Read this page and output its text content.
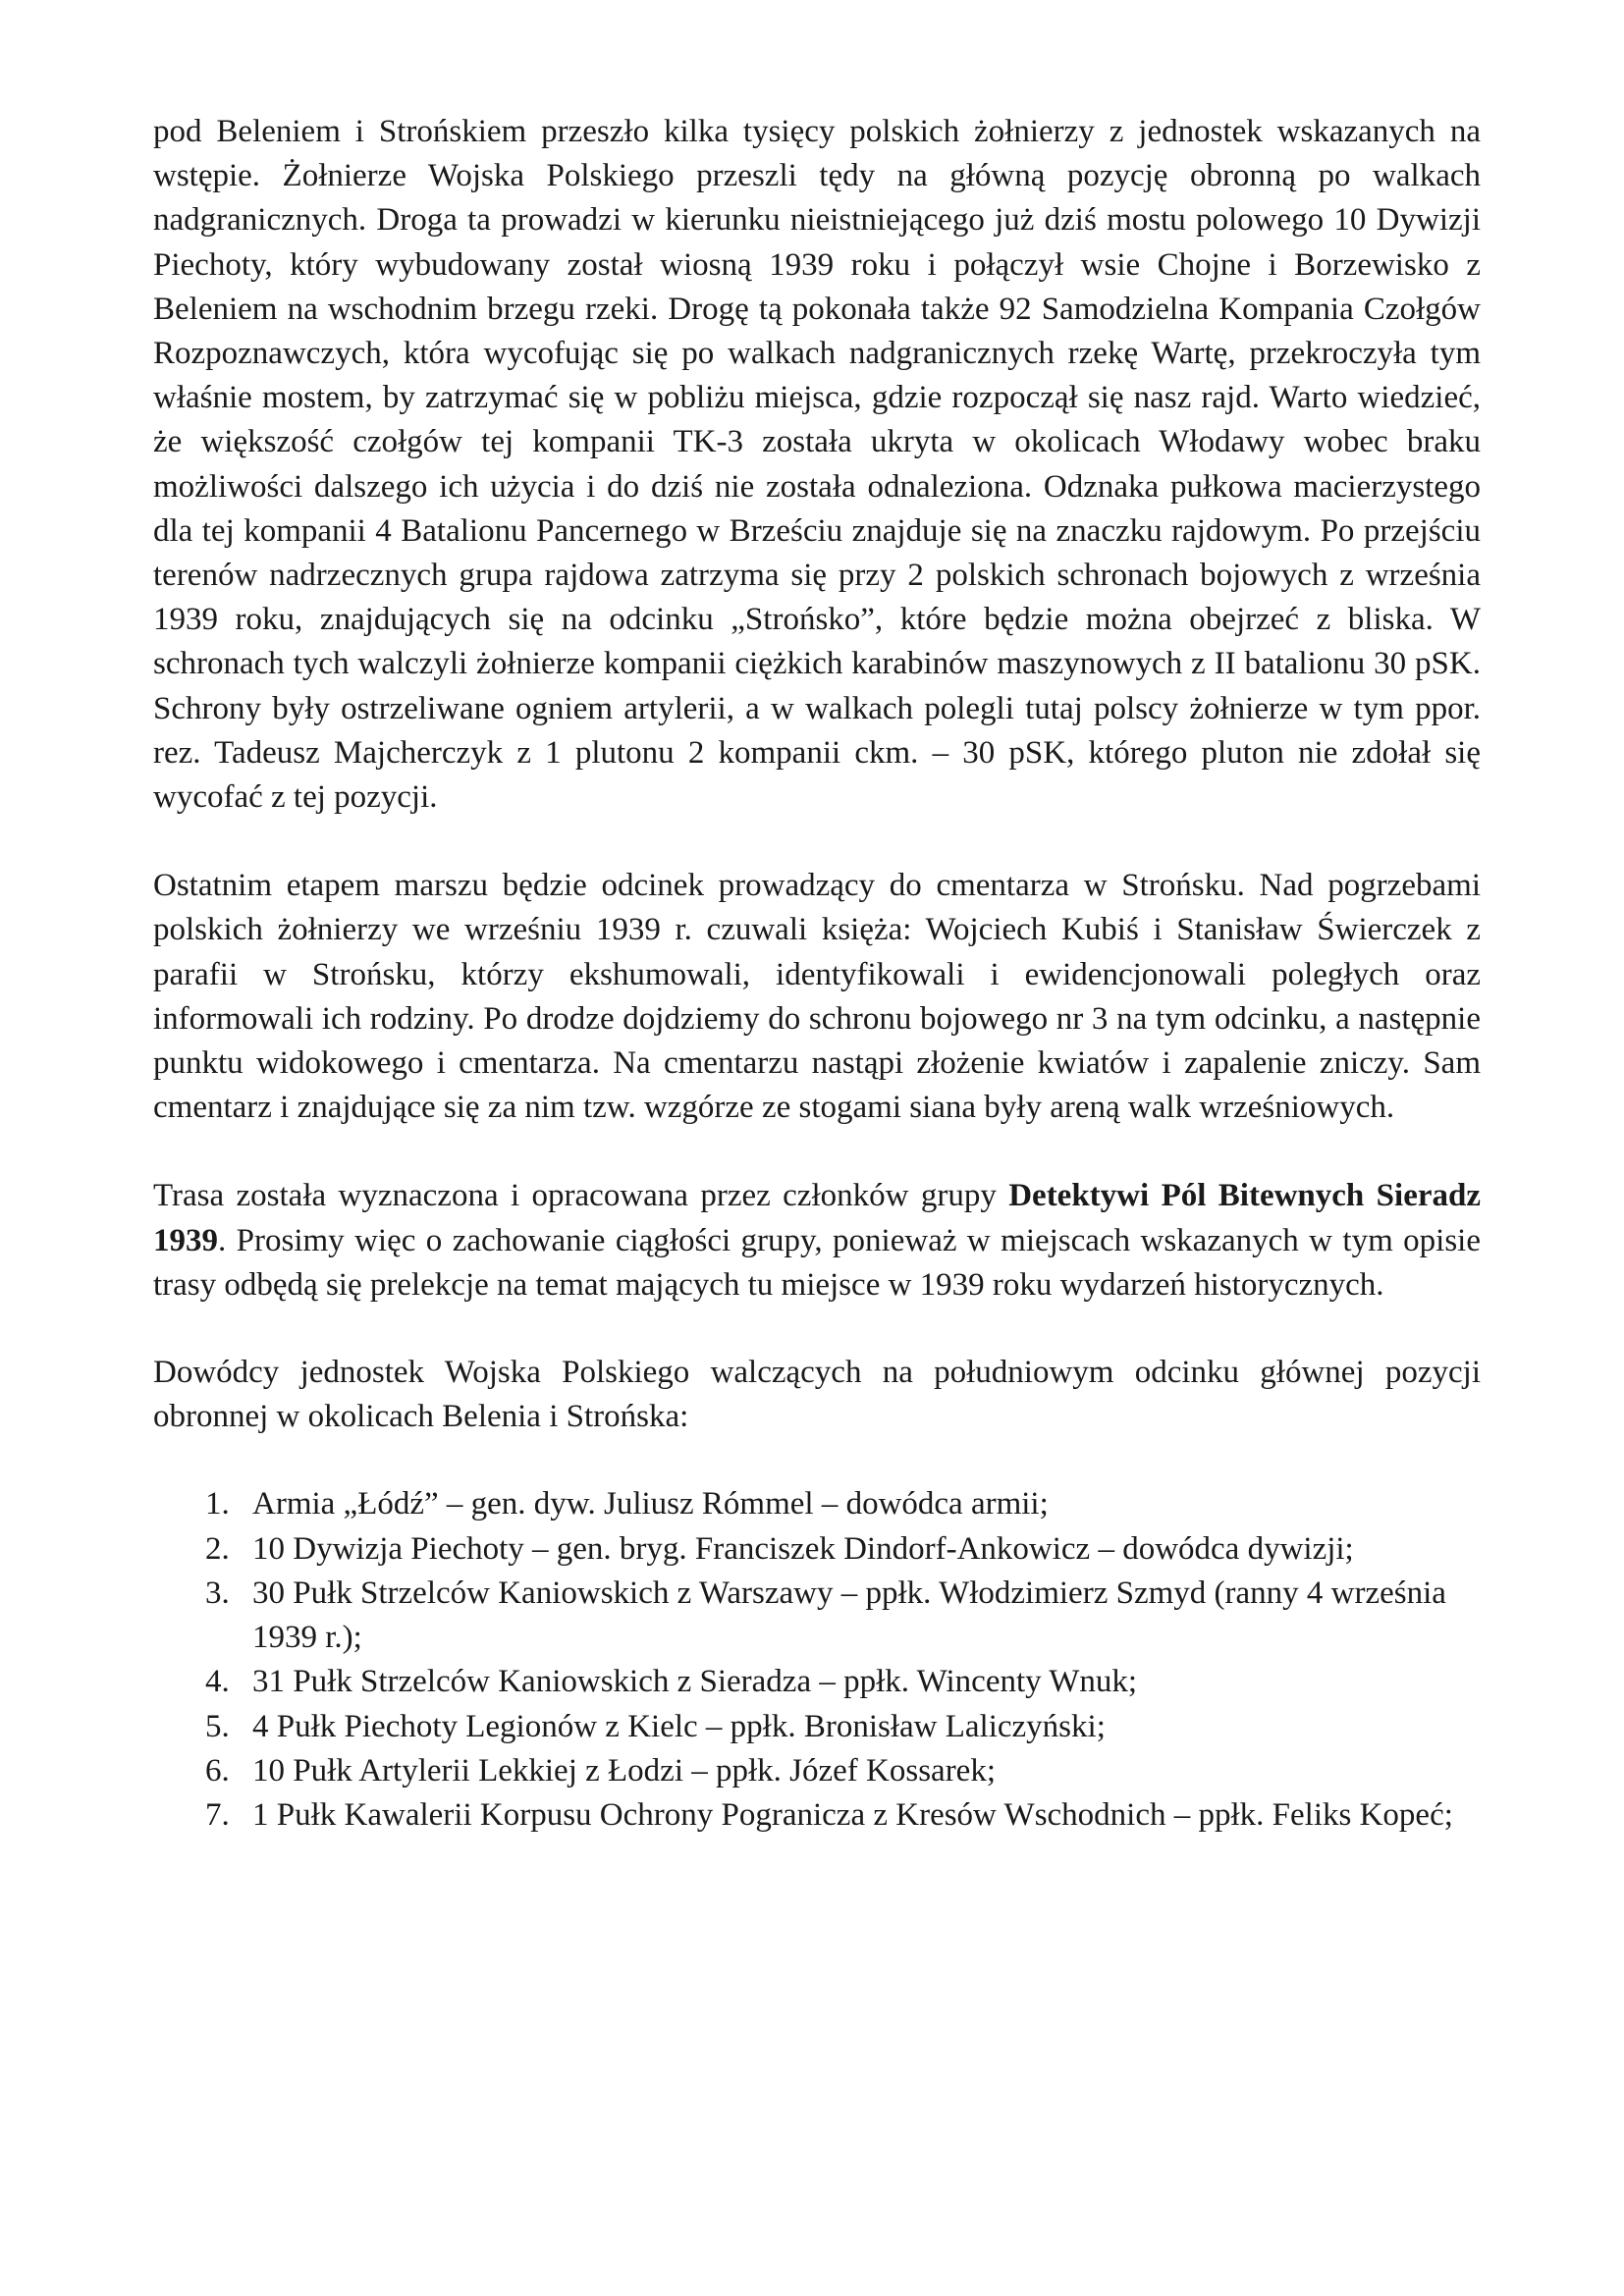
pod Beleniem i Strońskiem przeszło kilka tysięcy polskich żołnierzy z jednostek wskazanych na wstępie. Żołnierze Wojska Polskiego przeszli tędy na główną pozycję obronną po walkach nadgranicznych. Droga ta prowadzi w kierunku nieistniejącego już dziś mostu polowego 10 Dywizji Piechoty, który wybudowany został wiosną 1939 roku i połączył wsie Chojne i Borzewisko z Beleniem na wschodnim brzegu rzeki. Drogę tą pokonała także 92 Samodzielna Kompania Czołgów Rozpoznawczych, która wycofując się po walkach nadgranicznych rzekę Wartę, przekroczyła tym właśnie mostem, by zatrzymać się w pobliżu miejsca, gdzie rozpoczął się nasz rajd. Warto wiedzieć, że większość czołgów tej kompanii TK-3 została ukryta w okolicach Włodawy wobec braku możliwości dalszego ich użycia i do dziś nie została odnaleziona. Odznaka pułkowa macierzystego dla tej kompanii 4 Batalionu Pancernego w Brześciu znajduje się na znaczku rajdowym. Po przejściu terenów nadrzecznych grupa rajdowa zatrzyma się przy 2 polskich schronach bojowych z września 1939 roku, znajdujących się na odcinku „Strońsko”, które będzie można obejrzeć z bliska. W schronach tych walczyli żołnierze kompanii ciężkich karabinów maszynowych z II batalionu 30 pSK. Schrony były ostrzeliwane ogniem artylerii, a w walkach polegli tutaj polscy żołnierze w tym ppor. rez. Tadeusz Majcherczyk z 1 plutonu 2 kompanii ckm. – 30 pSK, którego pluton nie zdołał się wycofać z tej pozycji.

Ostatnim etapem marszu będzie odcinek prowadzący do cmentarza w Strońsku. Nad pogrzebami polskich żołnierzy we wrześniu 1939 r. czuwali księża: Wojciech Kubiś i Stanisław Świerczek z parafii w Strońsku, którzy ekshumowali, identyfikowali i ewidencjonowali poległych oraz informowali ich rodziny. Po drodze dojdziemy do schronu bojowego nr 3 na tym odcinku, a następnie punktu widokowego i cmentarza. Na cmentarzu nastąpi złożenie kwiatów i zapalenie zniczy. Sam cmentarz i znajdujące się za nim tzw. wzgórze ze stogami siana były areną walk wrześniowych.

Trasa została wyznaczona i opracowana przez członków grupy Detektywi Pól Bitewnych Sieradz 1939. Prosimy więc o zachowanie ciągłości grupy, ponieważ w miejscach wskazanych w tym opisie trasy odbędą się prelekcje na temat mających tu miejsce w 1939 roku wydarzeń historycznych.

Dowódcy jednostek Wojska Polskiego walczących na południowym odcinku głównej pozycji obronnej w okolicach Belenia i Strońska:

1. Armia „Łódź” – gen. dyw. Juliusz Rómmel – dowódca armii;
2. 10 Dywizja Piechoty – gen. bryg. Franciszek Dindorf-Ankowicz – dowódca dywizji;
3. 30 Pułk Strzelców Kaniowskich z Warszawy – ppłk. Włodzimierz Szmyd (ranny 4 września 1939 r.);
4. 31 Pułk Strzelców Kaniowskich z Sieradza – ppłk. Wincenty Wnuk;
5. 4 Pułk Piechoty Legionów z Kielc – ppłk. Bronisław Laliczyński;
6. 10 Pułk Artylerii Lekkiej z Łodzi – ppłk. Józef Kossarek;
7. 1 Pułk Kawalerii Korpusu Ochrony Pogranicza z Kresów Wschodnich – ppłk. Feliks Kopeć;
